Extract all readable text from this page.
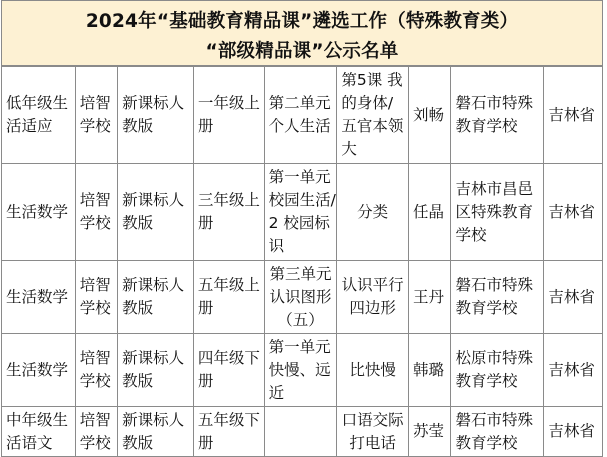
2024年“基础教育精品课”遴选工作（特殊教育类）
“部级精品课”公示名单
低年级生活适应	培智学校	新课标人教版	一年级上册	第二单元个人生活	第5课 我的身体/五官本领大	刘畅	磐石市特殊教育学校	吉林省
生活数学	培智学校	新课标人教版	三年级上册	第一单元校园生活/2 校园标识	分类	任晶	吉林市昌邑区特殊教育学校	吉林省
生活数学	培智学校	新课标人教版	五年级上册	第三单元认识图形（五）	认识平行四边形	王丹	磐石市特殊教育学校	吉林省
生活数学	培智学校	新课标人教版	四年级下册	第一单元快慢、远近	比快慢	韩璐	松原市特殊教育学校	吉林省
中年级生活语文	培智学校	新课标人教版	五年级下册		口语交际打电话	苏莹	磐石市特殊教育学校	吉林省
